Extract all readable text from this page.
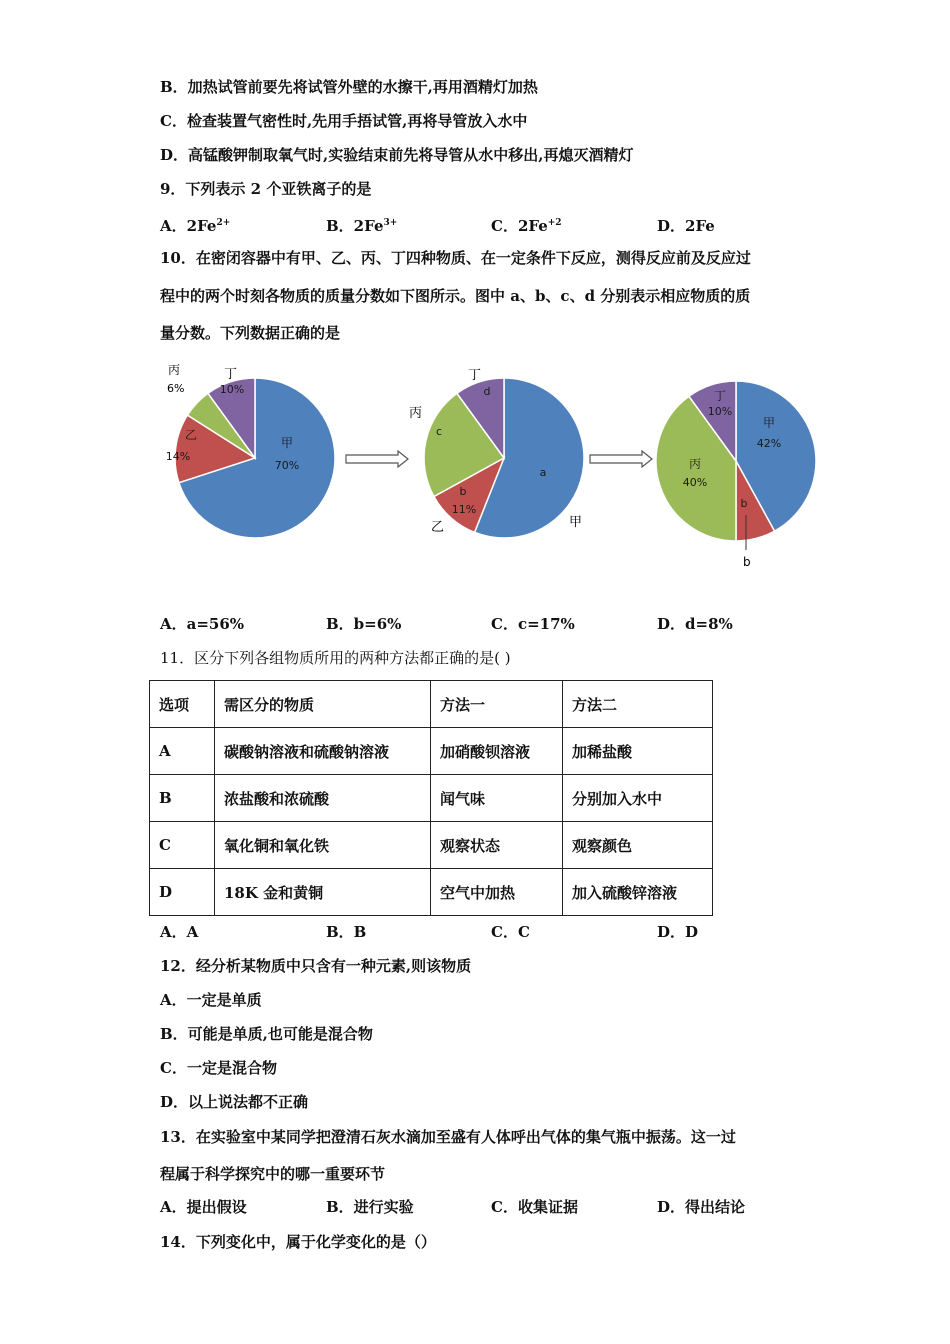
B．加热试管前要先将试管外壁的水擦干,再用酒精灯加热
C．检查装置气密性时,先用手捂试管,再将导管放入水中
D．高锰酸钾制取氧气时,实验结束前先将导管从水中移出,再熄灭酒精灯
9．下列表示 2 个亚铁离子的是
A．$2Fe^{2+}$	B．$2Fe^{3+}$	C．$2Fe^{+2}$	D．2Fe
10．在密闭容器中有甲、乙、丙、丁四种物质、在一定条件下反应，测得反应前及反应过
程中的两个时刻各物质的质量分数如下图所示。图中 a、b、c、d 分别表示相应物质的质
量分数。下列数据正确的是
丙
6%
丁
甲
70%
乙
14%
10%
丁
丙
乙	甲
a
b
11%
c
d
b
甲
42%
b
丙
40%
丁
10%
A．a=56%	B．b=6%	C．c=17%	D．d=8%
11．区分下列各组物质所用的两种方法都正确的是( )
选项	需区分的物质	方法一	方法二
A	碳酸钠溶液和硫酸钠溶液	加硝酸钡溶液	加稀盐酸
B	浓盐酸和浓硫酸	闻气味	分别加入水中
C	氧化铜和氧化铁	观察状态	观察颜色
D	18K 金和黄铜	空气中加热	加入硫酸锌溶液
A．A	B．B	C．C	D．D
12．经分析某物质中只含有一种元素,则该物质
A．一定是单质
B．可能是单质,也可能是混合物
C．一定是混合物
D．以上说法都不正确
13．在实验室中某同学把澄清石灰水滴加至盛有人体呼出气体的集气瓶中振荡。这一过
程属于科学探究中的哪一重要环节
A．提出假设	B．进行实验	C．收集证据	D．得出结论
14．下列变化中，属于化学变化的是（）
